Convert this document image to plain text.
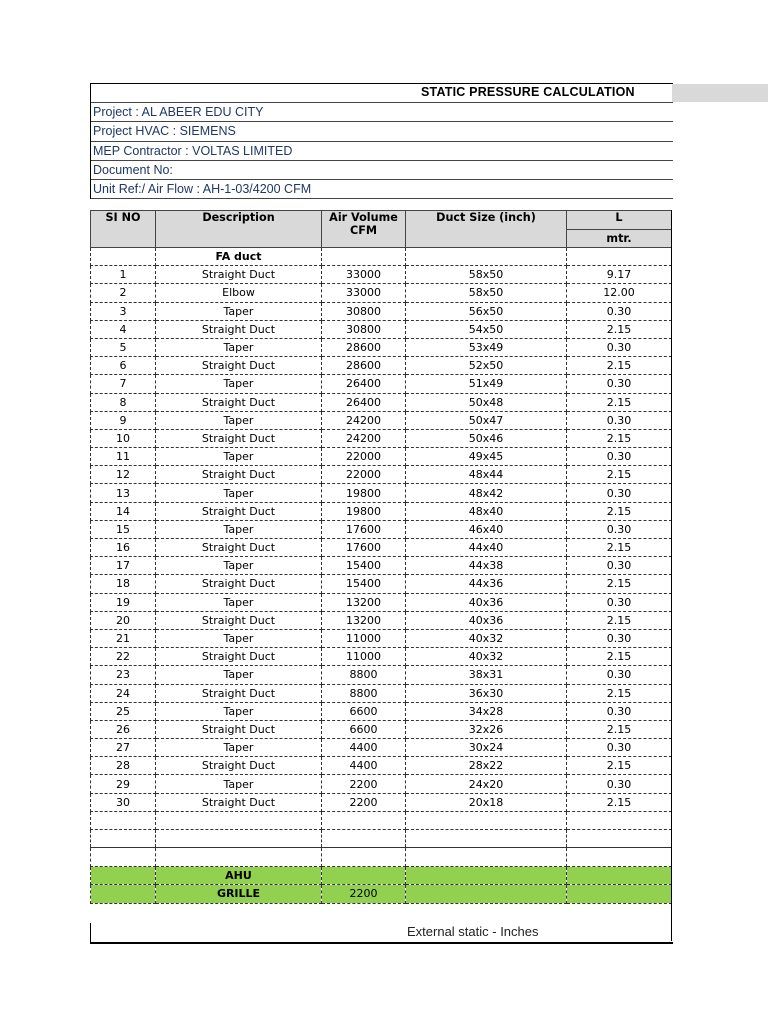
STATIC PRESSURE CALCULATION
Project : AL ABEER EDU CITY
Project HVAC : SIEMENS
MEP Contractor : VOLTAS LIMITED
Document No:
Unit Ref:/ Air Flow : AH-1-03/4200 CFM
SI NO	Description	Air Volume CFM	Duct Size (inch)	L
				mtr.
	FA duct			
1	Straight Duct	33000	58x50	9.17
2	Elbow	33000	58x50	12.00
3	Taper	30800	56x50	0.30
4	Straight Duct	30800	54x50	2.15
5	Taper	28600	53x49	0.30
6	Straight Duct	28600	52x50	2.15
7	Taper	26400	51x49	0.30
8	Straight Duct	26400	50x48	2.15
9	Taper	24200	50x47	0.30
10	Straight Duct	24200	50x46	2.15
11	Taper	22000	49x45	0.30
12	Straight Duct	22000	48x44	2.15
13	Taper	19800	48x42	0.30
14	Straight Duct	19800	48x40	2.15
15	Taper	17600	46x40	0.30
16	Straight Duct	17600	44x40	2.15
17	Taper	15400	44x38	0.30
18	Straight Duct	15400	44x36	2.15
19	Taper	13200	40x36	0.30
20	Straight Duct	13200	40x36	2.15
21	Taper	11000	40x32	0.30
22	Straight Duct	11000	40x32	2.15
23	Taper	8800	38x31	0.30
24	Straight Duct	8800	36x30	2.15
25	Taper	6600	34x28	0.30
26	Straight Duct	6600	32x26	2.15
27	Taper	4400	30x24	0.30
28	Straight Duct	4400	28x22	2.15
29	Taper	2200	24x20	0.30
30	Straight Duct	2200	20x18	2.15

	AHU			
	GRILLE	2200		
External static - Inches
